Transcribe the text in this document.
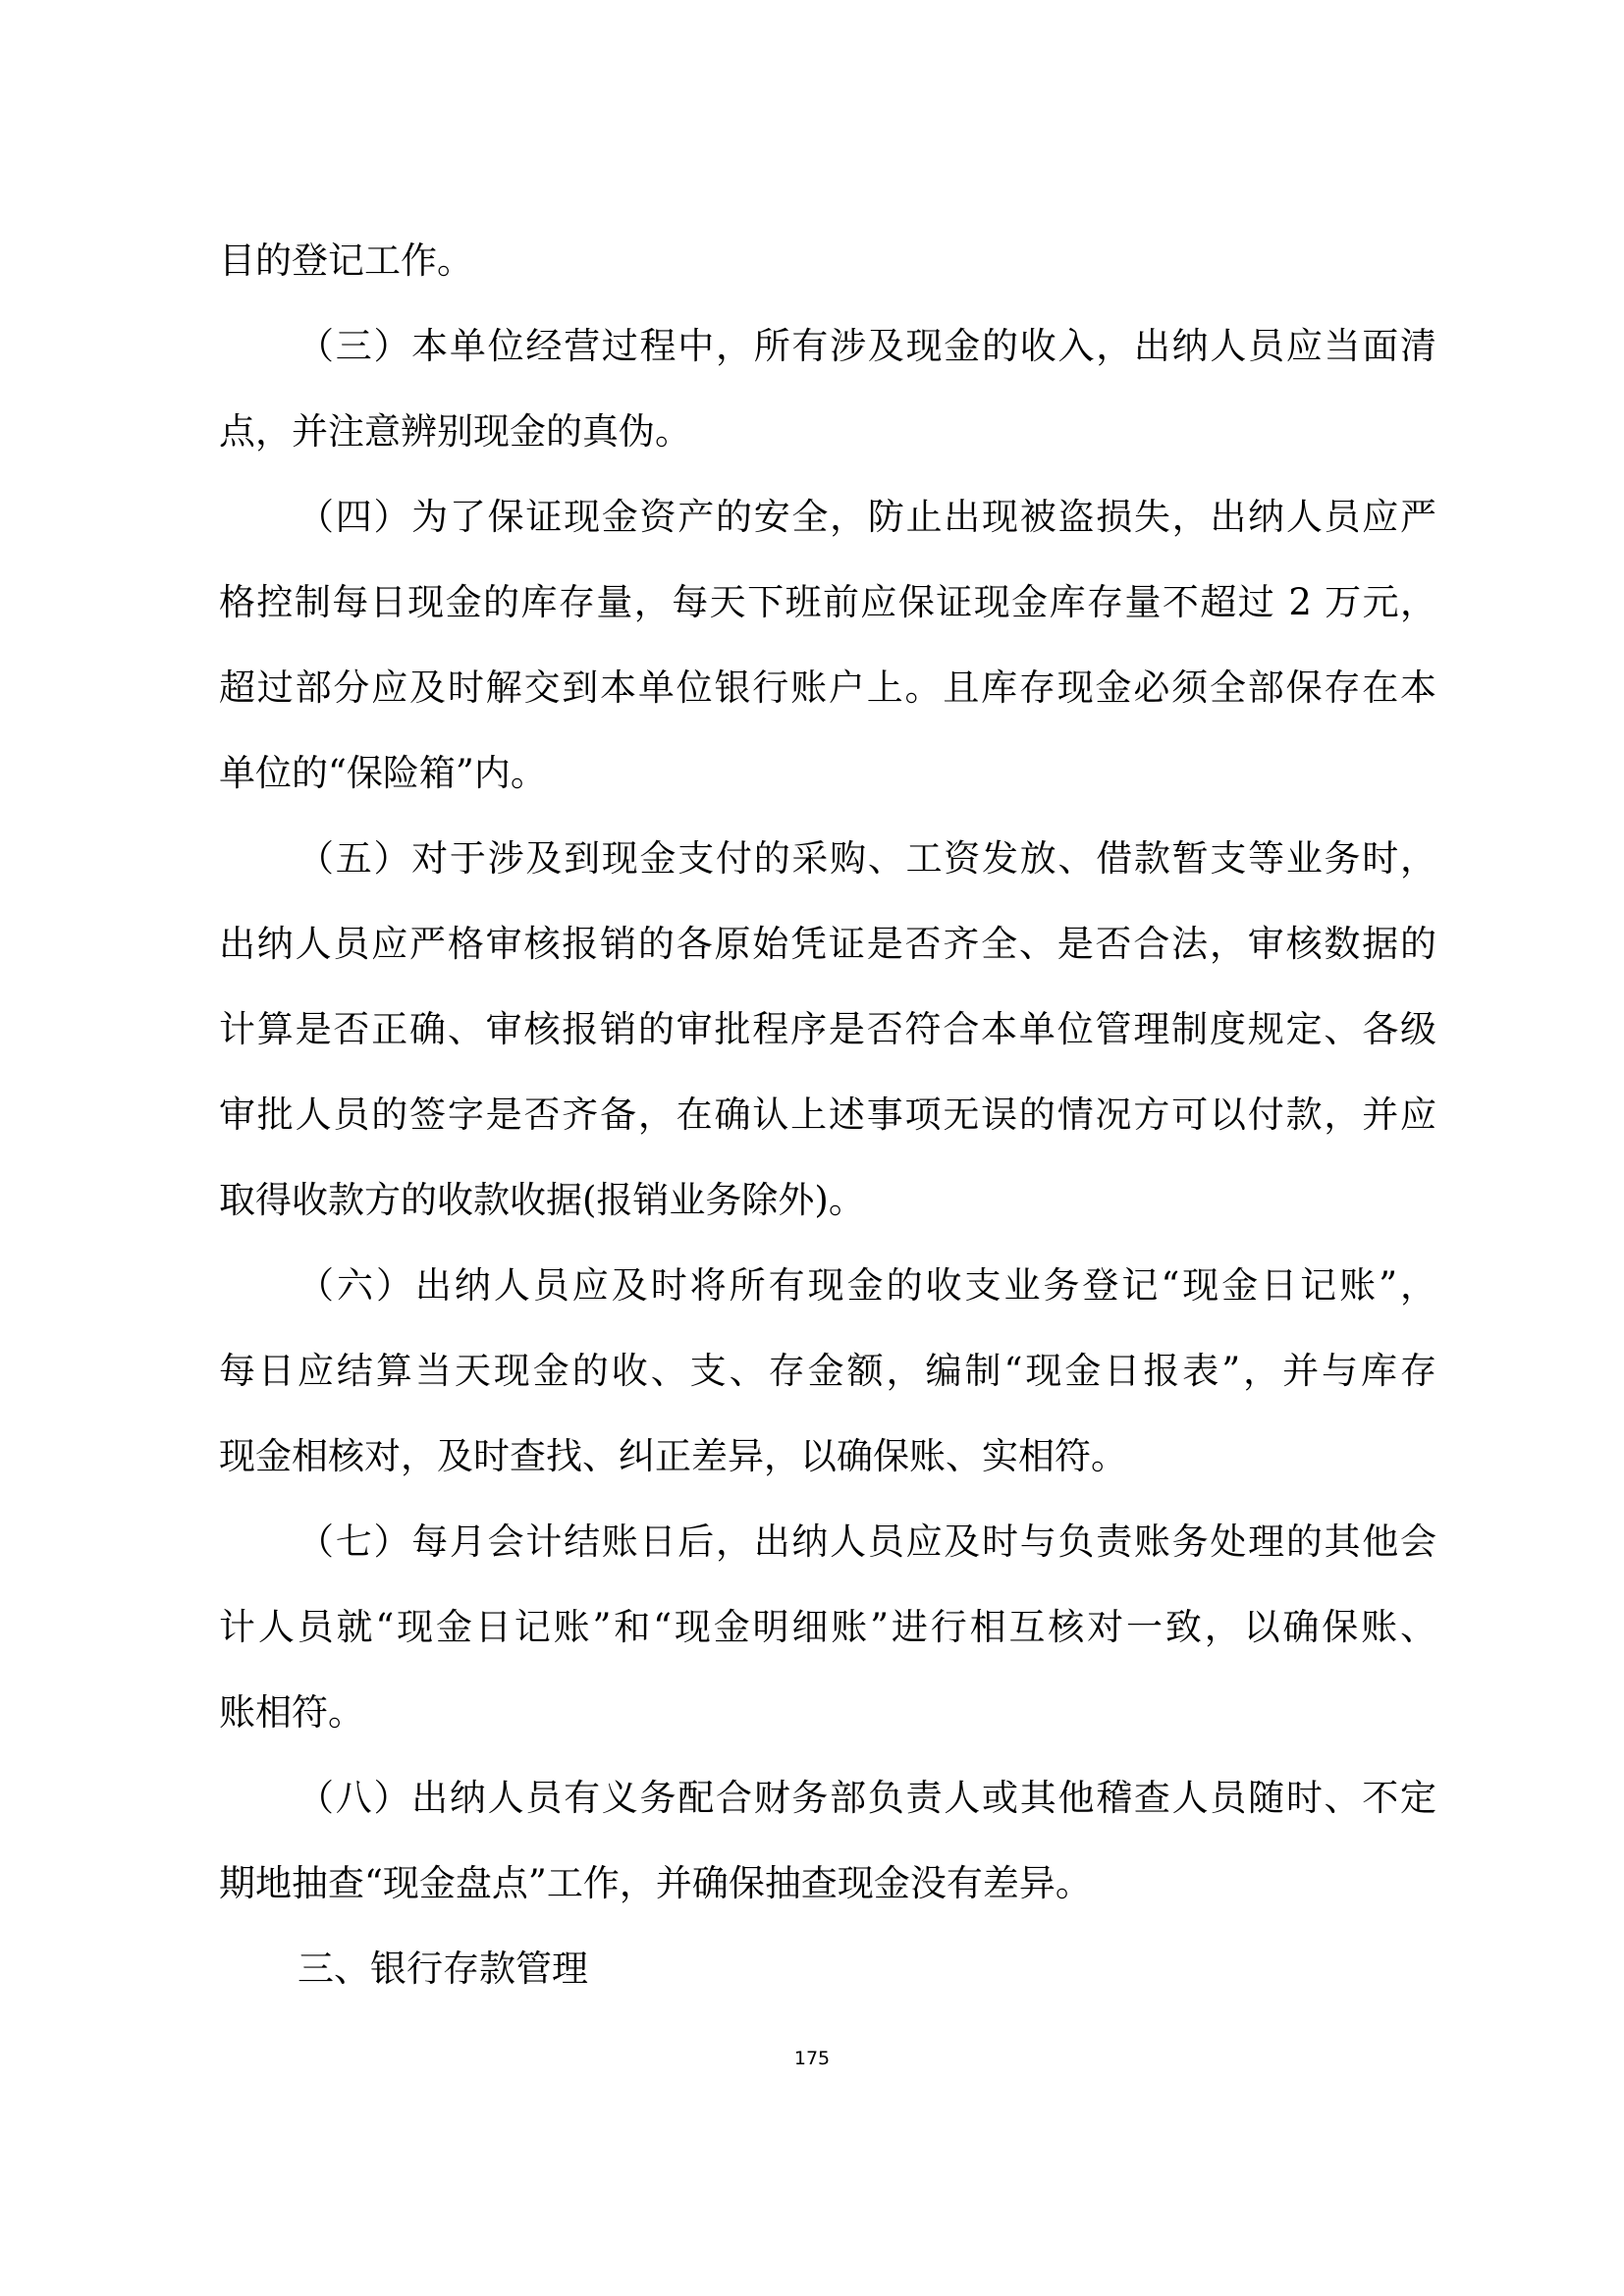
目的登记工作。
（三）本单位经营过程中，所有涉及现金的收入，出纳人员应当面清
点，并注意辨别现金的真伪。
（四）为了保证现金资产的安全，防止出现被盗损失，出纳人员应严
格控制每日现金的库存量，每天下班前应保证现金库存量不超过 2 万元，
超过部分应及时解交到本单位银行账户上。且库存现金必须全部保存在本
单位的“保险箱”内。
（五）对于涉及到现金支付的采购、工资发放、借款暂支等业务时，
出纳人员应严格审核报销的各原始凭证是否齐全、是否合法，审核数据的
计算是否正确、审核报销的审批程序是否符合本单位管理制度规定、各级
审批人员的签字是否齐备，在确认上述事项无误的情况方可以付款，并应
取得收款方的收款收据(报销业务除外)。
（六）出纳人员应及时将所有现金的收支业务登记“现金日记账”，
每日应结算当天现金的收、支、存金额，编制“现金日报表”，并与库存
现金相核对，及时查找、纠正差异，以确保账、实相符。
（七）每月会计结账日后，出纳人员应及时与负责账务处理的其他会
计人员就“现金日记账”和“现金明细账”进行相互核对一致，以确保账、
账相符。
（八）出纳人员有义务配合财务部负责人或其他稽查人员随时、不定
期地抽查“现金盘点”工作，并确保抽查现金没有差异。
三、银行存款管理
175
